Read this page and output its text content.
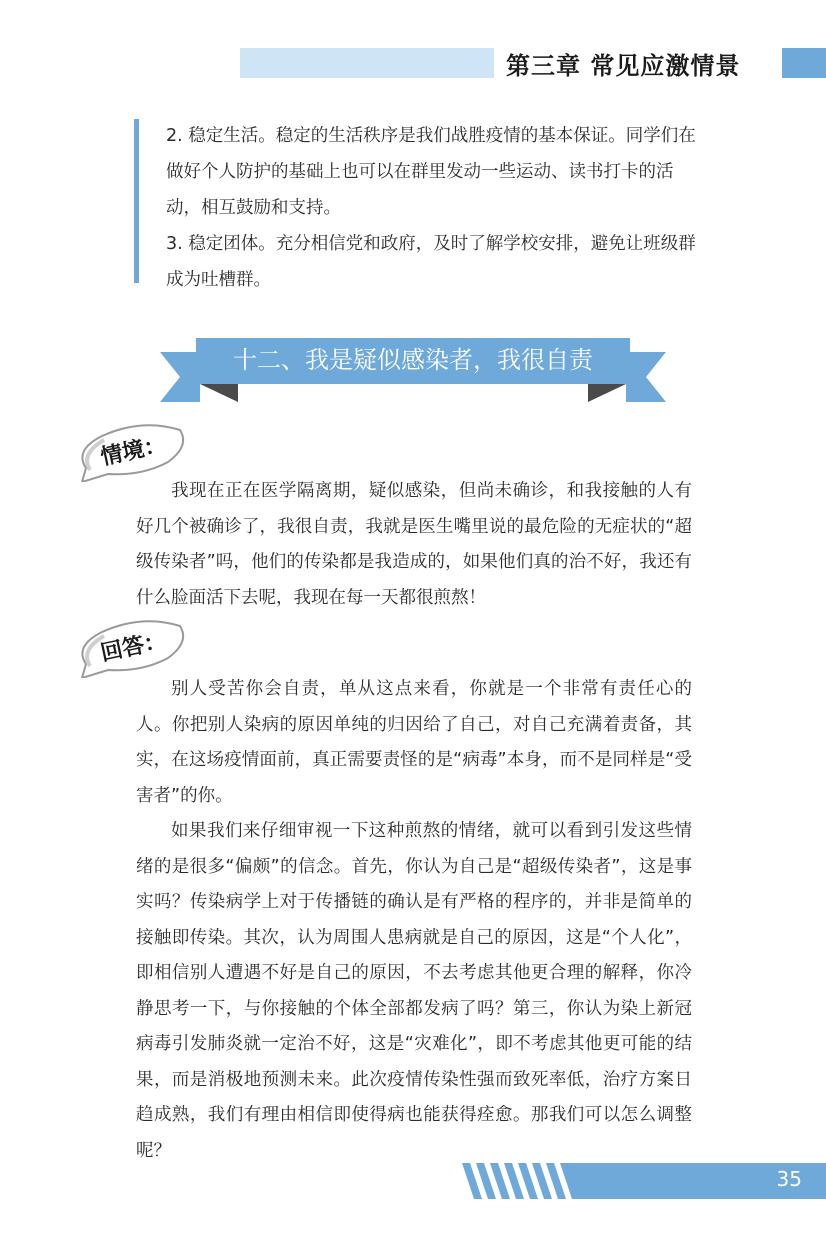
第三章 常见应激情景

2. 稳定生活。稳定的生活秩序是我们战胜疫情的基本保证。同学们在做好个人防护的基础上也可以在群里发动一些运动、读书打卡的活动，相互鼓励和支持。

3. 稳定团体。充分相信党和政府，及时了解学校安排，避免让班级群成为吐槽群。

十二、我是疑似感染者，我很自责
情境：

我现在正在医学隔离期，疑似感染，但尚未确诊，和我接触的人有好几个被确诊了，我很自责，我就是医生嘴里说的最危险的无症状的“超级传染者”吗，他们的传染都是我造成的，如果他们真的治不好，我还有什么脸面活下去呢，我现在每一天都很煎熬！

回答：

别人受苦你会自责，单从这点来看，你就是一个非常有责任心的人。你把别人染病的原因单纯的归因给了自己，对自己充满着责备，其实，在这场疫情面前，真正需要责怪的是“病毒”本身，而不是同样是“受害者”的你。

如果我们来仔细审视一下这种煎熬的情绪，就可以看到引发这些情绪的是很多“偏颇”的信念。首先，你认为自己是“超级传染者”，这是事实吗？传染病学上对于传播链的确认是有严格的程序的，并非是简单的接触即传染。其次，认为周围人患病就是自己的原因，这是“个人化”，即相信别人遭遇不好是自己的原因，不去考虑其他更合理的解释，你冷静思考一下，与你接触的个体全部都发病了吗？第三，你认为染上新冠病毒引发肺炎就一定治不好，这是“灾难化”，即不考虑其他更可能的结果，而是消极地预测未来。此次疫情传染性强而致死率低，治疗方案日趋成熟，我们有理由相信即使得病也能获得痊愈。那我们可以怎么调整呢？

35
